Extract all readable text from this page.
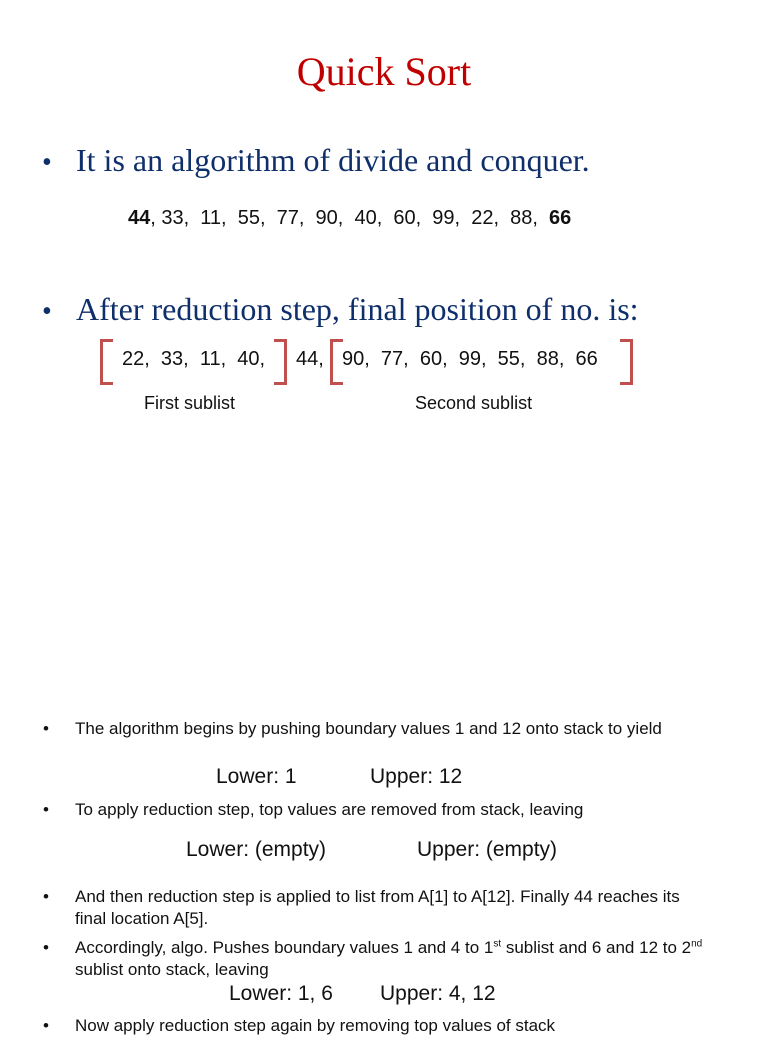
Quick Sort
• It is an algorithm of divide and conquer.
44, 33,  11,  55,  77,  90,  40,  60,  99,  22,  88,  66
• After reduction step, final position of no. is:
22,  33,  11,  40, 44, 90,  77,  60,  99,  55,  88,  66
First sublist	Second sublist
• The algorithm begins by pushing boundary values 1 and 12 onto stack to yield
Lower: 1	Upper: 12
• To apply reduction step, top values are removed from stack, leaving
Lower: (empty)	Upper: (empty)
• And then reduction step is applied to list from A[1] to A[12]. Finally 44 reaches its final location A[5].
• Accordingly, algo. Pushes boundary values 1 and 4 to 1st sublist and 6 and 12 to 2nd sublist onto stack, leaving
Lower: 1, 6 Upper: 4, 12
• Now apply reduction step again by removing top values of stack
